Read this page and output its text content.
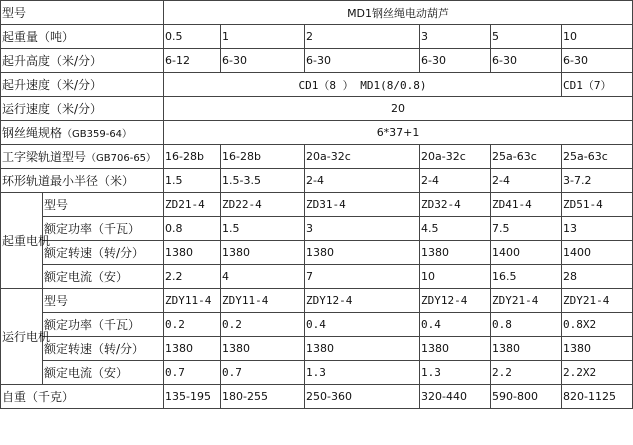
型号		MD1钢丝绳电动葫芦					
起重量（吨）		0.5	1	2	3	5	10
起升高度（米/分）		6-12	6-30	6-30	6-30	6-30	6-30
起升速度（米/分）		CD1（8 ） MD1(8/0.8)					CD1（7）
运行速度（米/分）		20					
钢丝绳规格（GB359-64）		6*37+1					
工字梁轨道型号（GB706-65）		16-28b	16-28b	20a-32c	20a-32c	25a-63c	25a-63c
环形轨道最小半径（米）		1.5	1.5-3.5	2-4	2-4	2-4	3-7.2
起重电机	型号	ZD21-4	ZD22-4	ZD31-4	ZD32-4	ZD41-4	ZD51-4
	额定功率（千瓦）	0.8	1.5	3	4.5	7.5	13
	额定转速（转/分）	1380	1380	1380	1380	1400	1400
	额定电流（安）	2.2	4	7	10	16.5	28
运行电机	型号	ZDY11-4	ZDY11-4	ZDY12-4	ZDY12-4	ZDY21-4	ZDY21-4
	额定功率（千瓦）	0.2	0.2	0.4	0.4	0.8	0.8X2
	额定转速（转/分）	1380	1380	1380	1380	1380	1380
	额定电流（安）	0.7	0.7	1.3	1.3	2.2	2.2X2
自重（千克）		135-195	180-255	250-360	320-440	590-800	820-1125
